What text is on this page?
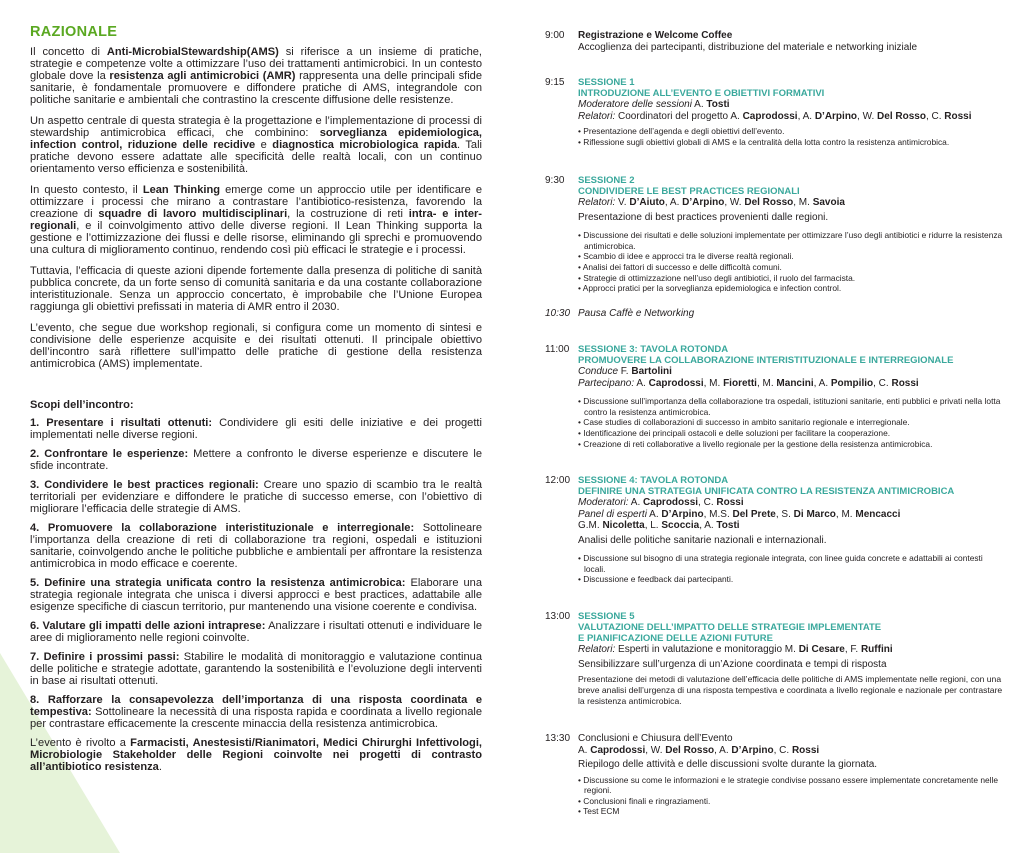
RAZIONALE

Il concetto di Anti-MicrobialStewardship(AMS) si riferisce a un insieme di pratiche, strategie e competenze volte a ottimizzare l’uso dei trattamenti antimicrobici. In un contesto globale dove la resistenza agli antimicrobici (AMR) rappresenta una delle principali sfide sanitarie, è fondamentale promuovere e diffondere pratiche di AMS, integrandole con politiche sanitarie e ambientali che contrastino la crescente diffusione delle resistenze.

Un aspetto centrale di questa strategia è la progettazione e l’implementazione di processi di stewardship antimicrobica efficaci, che combinino: sorveglianza epidemiologica, infection control, riduzione delle recidive e diagnostica microbiologica rapida. Tali pratiche devono essere adattate alle specificità delle realtà locali, con un continuo orientamento verso efficienza e sostenibilità.

In questo contesto, il Lean Thinking emerge come un approccio utile per identificare e ottimizzare i processi che mirano a contrastare l’antibiotico-resistenza, favorendo la creazione di squadre di lavoro multidisciplinari, la costruzione di reti intra- e inter-regionali, e il coinvolgimento attivo delle diverse regioni. Il Lean Thinking supporta la gestione e l’ottimizzazione dei flussi e delle risorse, eliminando gli sprechi e promuovendo una cultura di miglioramento continuo, rendendo così più efficaci le strategie e i processi.

Tuttavia, l’efficacia di queste azioni dipende fortemente dalla presenza di politiche di sanità pubblica concrete, da un forte senso di comunità sanitaria e da una costante collaborazione interistituzionale. Senza un approccio concertato, è improbabile che l’Unione Europea raggiunga gli obiettivi prefissati in materia di AMR entro il 2030.

L’evento, che segue due workshop regionali, si configura come un momento di sintesi e condivisione delle esperienze acquisite e dei risultati ottenuti. Il principale obiettivo dell’incontro sarà riflettere sull’impatto delle pratiche di gestione della resistenza antimicrobica (AMS) implementate.

Scopi dell’incontro:
1. Presentare i risultati ottenuti: Condividere gli esiti delle iniziative e dei progetti implementati nelle diverse regioni.
2. Confrontare le esperienze: Mettere a confronto le diverse esperienze e discutere le sfide incontrate.
3. Condividere le best practices regionali: Creare uno spazio di scambio tra le realtà territoriali per evidenziare e diffondere le pratiche di successo emerse, con l’obiettivo di migliorare l’efficacia delle strategie di AMS.
4. Promuovere la collaborazione interistituzionale e interregionale: Sottolineare l’importanza della creazione di reti di collaborazione tra regioni, ospedali e istituzioni sanitarie, coinvolgendo anche le politiche pubbliche e ambientali per affrontare la resistenza antimicrobica in modo efficace e coerente.
5. Definire una strategia unificata contro la resistenza antimicrobica: Elaborare una strategia regionale integrata che unisca i diversi approcci e best practices, adattabile alle esigenze specifiche di ciascun territorio, pur mantenendo una visione coerente e condivisa.
6. Valutare gli impatti delle azioni intraprese: Analizzare i risultati ottenuti e individuare le aree di miglioramento nelle regioni coinvolte.
7. Definire i prossimi passi: Stabilire le modalità di monitoraggio e valutazione continua delle politiche e strategie adottate, garantendo la sostenibilità e l’evoluzione degli interventi in base ai risultati ottenuti.
8. Rafforzare la consapevolezza dell’importanza di una risposta coordinata e tempestiva: Sottolineare la necessità di una risposta rapida e coordinata a livello regionale per contrastare efficacemente la crescente minaccia della resistenza antimicrobica.
L’evento è rivolto a Farmacisti, Anestesisti/Rianimatori, Medici Chirurghi Infettivologi, Microbiologie Stakeholder delle Regioni coinvolte nei progetti di contrasto all’antibiotico resistenza.
9:00	Registrazione e Welcome Coffee
Accoglienza dei partecipanti, distribuzione del materiale e networking iniziale
9:15	SESSIONE 1
INTRODUZIONE ALL’EVENTO E OBIETTIVI FORMATIVI
Moderatore delle sessioni A. Tosti
Relatori: Coordinatori del progetto A. Caprodossi, A. D’Arpino, W. Del Rosso, C. Rossi
• Presentazione dell’agenda e degli obiettivi dell’evento.
• Riflessione sugli obiettivi globali di AMS e la centralità della lotta contro la resistenza antimicrobica.
9:30	SESSIONE 2
CONDIVIDERE LE BEST PRACTICES REGIONALI
Relatori: V. D’Aiuto, A. D’Arpino, W. Del Rosso, M. Savoia
Presentazione di best practices provenienti dalle regioni.
• Discussione dei risultati e delle soluzioni implementate per ottimizzare l’uso degli antibiotici e ridurre la resistenza antimicrobica.
• Scambio di idee e approcci tra le diverse realtà regionali.
• Analisi dei fattori di successo e delle difficoltà comuni.
• Strategie di ottimizzazione nell’uso degli antibiotici, il ruolo del farmacista.
• Approcci pratici per la sorveglianza epidemiologica e infection control.
10:30 Pausa Caffè e Networking
11:00 SESSIONE 3: TAVOLA ROTONDA
PROMUOVERE LA COLLABORAZIONE INTERISTITUZIONALE E INTERREGIONALE
Conduce F. Bartolini
Partecipano: A. Caprodossi, M. Fioretti, M. Mancini, A. Pompilio, C. Rossi
• Discussione sull’importanza della collaborazione tra ospedali, istituzioni sanitarie, enti pubblici e privati nella lotta contro la resistenza antimicrobica.
• Case studies di collaborazioni di successo in ambito sanitario regionale e interregionale.
• Identificazione dei principali ostacoli e delle soluzioni per facilitare la cooperazione.
• Creazione di reti collaborative a livello regionale per la gestione della resistenza antimicrobica.
12:00 SESSIONE 4: TAVOLA ROTONDA
DEFINIRE UNA STRATEGIA UNIFICATA CONTRO LA RESISTENZA ANTIMICROBICA
Moderatori: A. Caprodossi, C. Rossi
Panel di esperti A. D’Arpino, M.S. Del Prete, S. Di Marco, M. Mencacci
G.M. Nicoletta, L. Scoccia, A. Tosti
Analisi delle politiche sanitarie nazionali e internazionali.
• Discussione sul bisogno di una strategia regionale integrata, con linee guida concrete e adattabili ai contesti locali.
• Discussione e feedback dai partecipanti.
13:00 SESSIONE 5
VALUTAZIONE DELL’IMPATTO DELLE STRATEGIE IMPLEMENTATE
E PIANIFICAZIONE DELLE AZIONI FUTURE
Relatori: Esperti in valutazione e monitoraggio M. Di Cesare, F. Ruffini
Sensibilizzare sull’urgenza di un’Azione coordinata e tempi di risposta
Presentazione dei metodi di valutazione dell’efficacia delle politiche di AMS implementate nelle regioni, con una breve analisi dell’urgenza di una risposta tempestiva e coordinata a livello regionale e nazionale per contrastare la resistenza antimicrobica.
13:30 Conclusioni e Chiusura dell’Evento
A. Caprodossi, W. Del Rosso, A. D’Arpino, C. Rossi
Riepilogo delle attività e delle discussioni svolte durante la giornata.
• Discussione su come le informazioni e le strategie condivise possano essere implementate concretamente nelle regioni.
• Conclusioni finali e ringraziamenti.
• Test ECM
